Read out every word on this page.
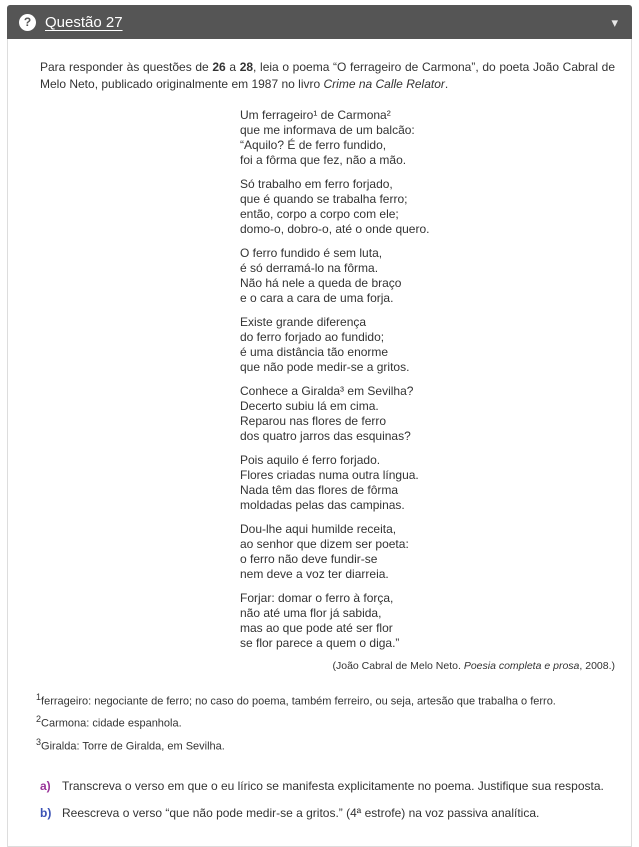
? Questão 27	▾

Para responder às questões de 26 a 28, leia o poema “O ferrageiro de Carmona”, do poeta João Cabral de Melo Neto, publicado originalmente em 1987 no livro Crime na Calle Relator.

Um ferrageiro¹ de Carmona²
que me informava de um balcão:
“Aquilo? É de ferro fundido,
foi a fôrma que fez, não a mão.
Só trabalho em ferro forjado,
que é quando se trabalha ferro;
então, corpo a corpo com ele;
domo-o, dobro-o, até o onde quero.
O ferro fundido é sem luta,
é só derramá-lo na fôrma.
Não há nele a queda de braço
e o cara a cara de uma forja.
Existe grande diferença
do ferro forjado ao fundido;
é uma distância tão enorme
que não pode medir-se a gritos.
Conhece a Giralda³ em Sevilha?
Decerto subiu lá em cima.
Reparou nas flores de ferro
dos quatro jarros das esquinas?
Pois aquilo é ferro forjado.
Flores criadas numa outra língua.
Nada têm das flores de fôrma
moldadas pelas das campinas.
Dou-lhe aqui humilde receita,
ao senhor que dizem ser poeta:
o ferro não deve fundir-se
nem deve a voz ter diarreia.
Forjar: domar o ferro à força,
não até uma flor já sabida,
mas ao que pode até ser flor
se flor parece a quem o diga.”
(João Cabral de Melo Neto. Poesia completa e prosa, 2008.)
$^1$ferrageiro: negociante de ferro; no caso do poema, também ferreiro, ou seja, artesão que trabalha o ferro.
$^2$Carmona: cidade espanhola.
$^3$Giralda: Torre de Giralda, em Sevilha.
a) Transcreva o verso em que o eu lírico se manifesta explicitamente no poema. Justifique sua resposta.
b) Reescreva o verso “que não pode medir-se a gritos.” (4ª estrofe) na voz passiva analítica.
